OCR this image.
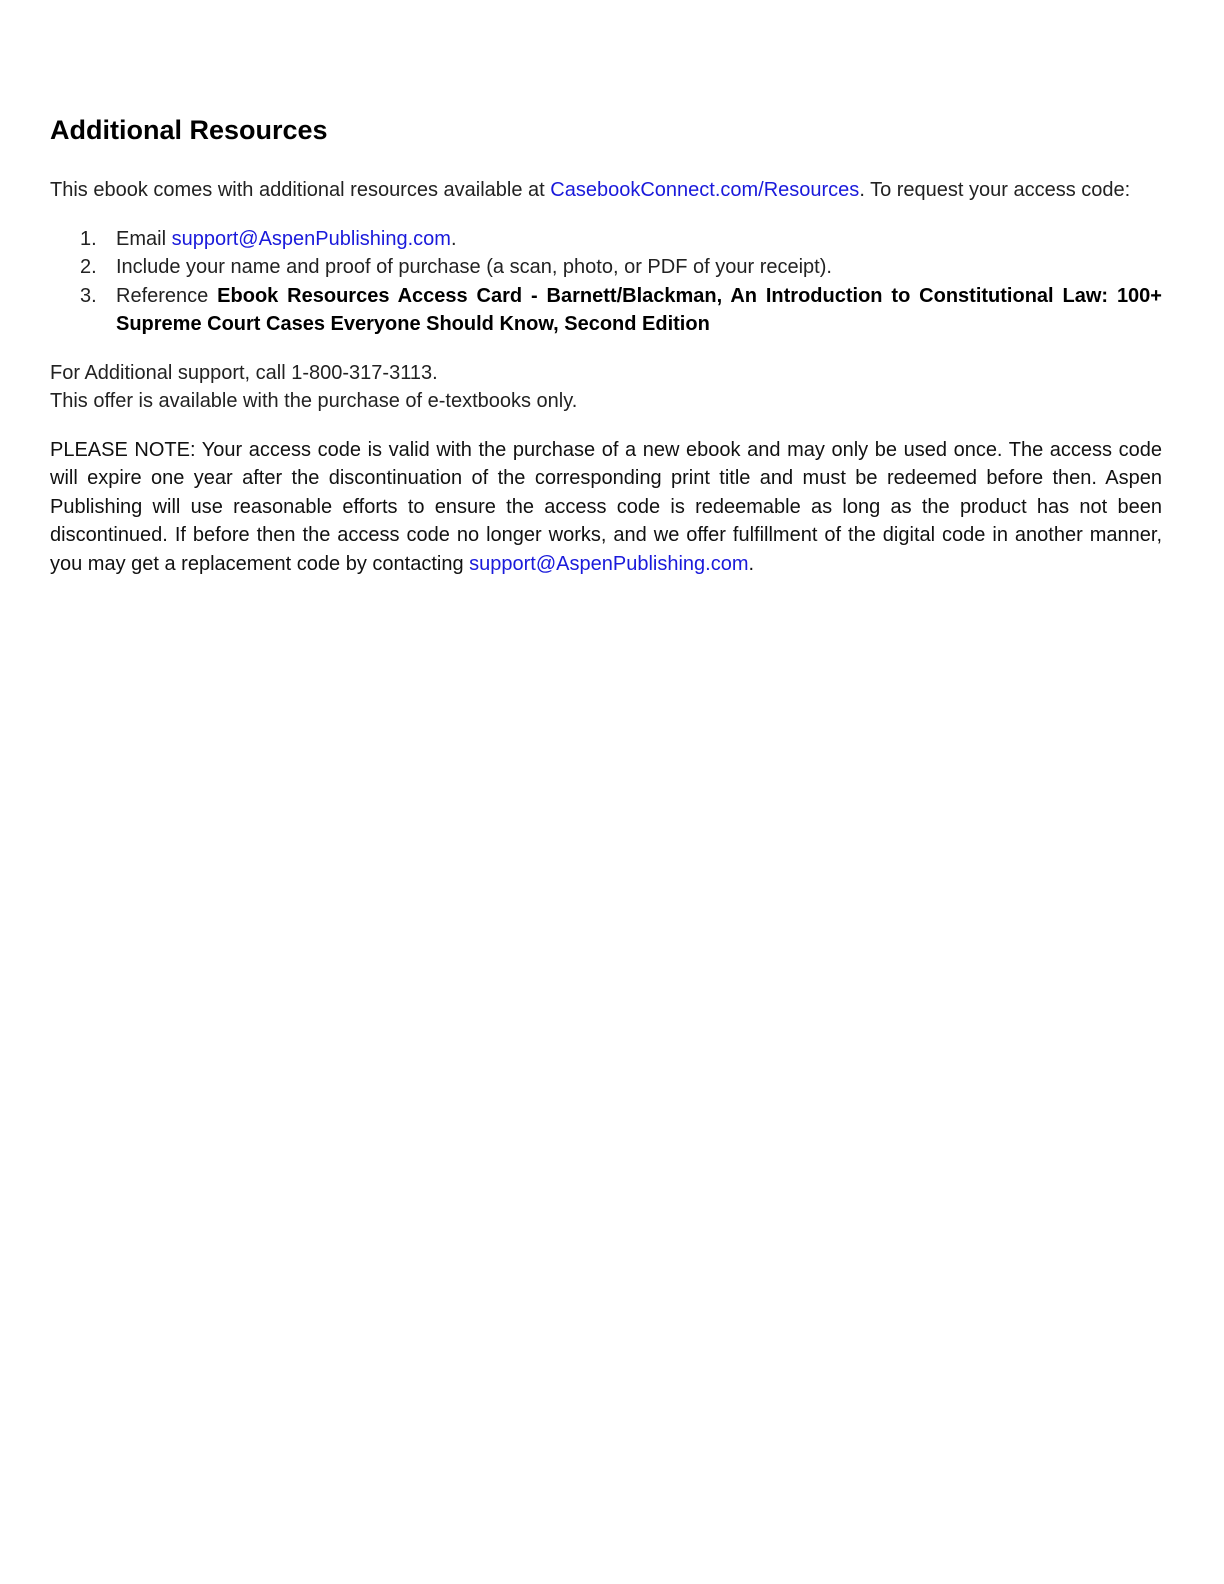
Additional Resources

This ebook comes with additional resources available at CasebookConnect.com/Resources. To request your access code:

1. Email support@AspenPublishing.com.
2. Include your name and proof of purchase (a scan, photo, or PDF of your receipt).
3. Reference Ebook Resources Access Card - Barnett/Blackman, An Introduction to Constitutional Law: 100+ Supreme Court Cases Everyone Should Know, Second Edition
For Additional support, call 1-800-317-3113.
This offer is available with the purchase of e-textbooks only.

PLEASE NOTE: Your access code is valid with the purchase of a new ebook and may only be used once. The access code will expire one year after the discontinuation of the corresponding print title and must be redeemed before then. Aspen Publishing will use reasonable efforts to ensure the access code is redeemable as long as the product has not been discontinued. If before then the access code no longer works, and we offer fulfillment of the digital code in another manner, you may get a replacement code by contacting support@AspenPublishing.com.
